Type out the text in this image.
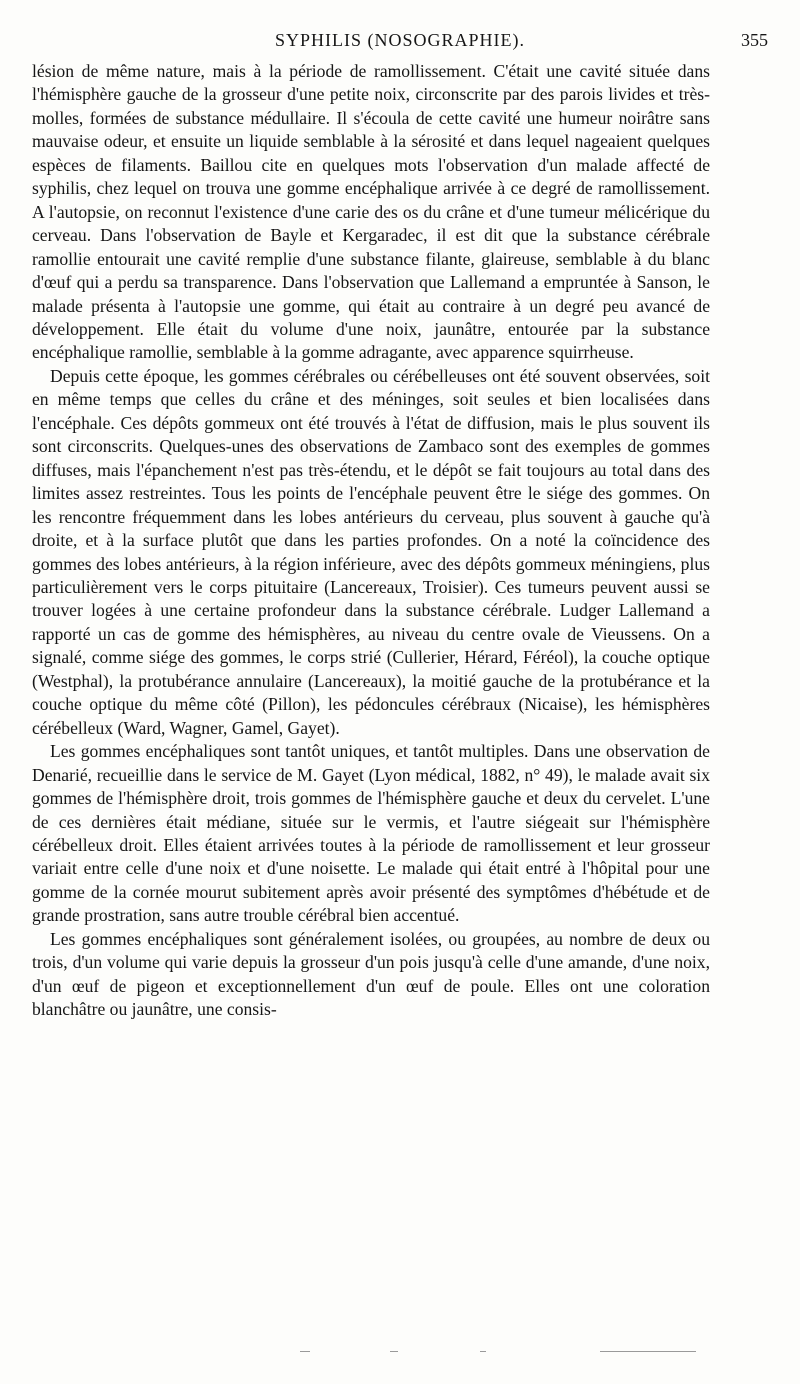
SYPHILIS (NOSOGRAPHIE).	355

lésion de même nature, mais à la période de ramollissement. C'était une cavité située dans l'hémisphère gauche de la grosseur d'une petite noix, circonscrite par des parois livides et très-molles, formées de substance médullaire. Il s'écoula de cette cavité une humeur noirâtre sans mauvaise odeur, et ensuite un liquide semblable à la sérosité et dans lequel nageaient quelques espèces de filaments. Baillou cite en quelques mots l'observation d'un malade affecté de syphilis, chez lequel on trouva une gomme encéphalique arrivée à ce degré de ramollissement. A l'autopsie, on reconnut l'existence d'une carie des os du crâne et d'une tumeur mélicérique du cerveau. Dans l'observation de Bayle et Kergaradec, il est dit que la substance cérébrale ramollie entourait une cavité remplie d'une substance filante, glaireuse, semblable à du blanc d'œuf qui a perdu sa transparence. Dans l'observation que Lallemand a empruntée à Sanson, le malade présenta à l'autopsie une gomme, qui était au contraire à un degré peu avancé de développement. Elle était du volume d'une noix, jaunâtre, entourée par la substance encéphalique ramollie, semblable à la gomme adragante, avec apparence squirrheuse.

Depuis cette époque, les gommes cérébrales ou cérébelleuses ont été souvent observées, soit en même temps que celles du crâne et des méninges, soit seules et bien localisées dans l'encéphale. Ces dépôts gommeux ont été trouvés à l'état de diffusion, mais le plus souvent ils sont circonscrits. Quelques-unes des observations de Zambaco sont des exemples de gommes diffuses, mais l'épanchement n'est pas très-étendu, et le dépôt se fait toujours au total dans des limites assez restreintes. Tous les points de l'encéphale peuvent être le siége des gommes. On les rencontre fréquemment dans les lobes antérieurs du cerveau, plus souvent à gauche qu'à droite, et à la surface plutôt que dans les parties profondes. On a noté la coïncidence des gommes des lobes antérieurs, à la région inférieure, avec des dépôts gommeux méningiens, plus particulièrement vers le corps pituitaire (Lancereaux, Troisier). Ces tumeurs peuvent aussi se trouver logées à une certaine profondeur dans la substance cérébrale. Ludger Lallemand a rapporté un cas de gomme des hémisphères, au niveau du centre ovale de Vieussens. On a signalé, comme siége des gommes, le corps strié (Cullerier, Hérard, Féréol), la couche optique (Westphal), la protubérance annulaire (Lancereaux), la moitié gauche de la protubérance et la couche optique du même côté (Pillon), les pédoncules cérébraux (Nicaise), les hémisphères cérébelleux (Ward, Wagner, Gamel, Gayet).

Les gommes encéphaliques sont tantôt uniques, et tantôt multiples. Dans une observation de Denarié, recueillie dans le service de M. Gayet (Lyon médical, 1882, n° 49), le malade avait six gommes de l'hémisphère droit, trois gommes de l'hémisphère gauche et deux du cervelet. L'une de ces dernières était médiane, située sur le vermis, et l'autre siégeait sur l'hémisphère cérébelleux droit. Elles étaient arrivées toutes à la période de ramollissement et leur grosseur variait entre celle d'une noix et d'une noisette. Le malade qui était entré à l'hôpital pour une gomme de la cornée mourut subitement après avoir présenté des symptômes d'hébétude et de grande prostration, sans autre trouble cérébral bien accentué.

Les gommes encéphaliques sont généralement isolées, ou groupées, au nombre de deux ou trois, d'un volume qui varie depuis la grosseur d'un pois jusqu'à celle d'une amande, d'une noix, d'un œuf de pigeon et exceptionnellement d'un œuf de poule. Elles ont une coloration blanchâtre ou jaunâtre, une consis-
